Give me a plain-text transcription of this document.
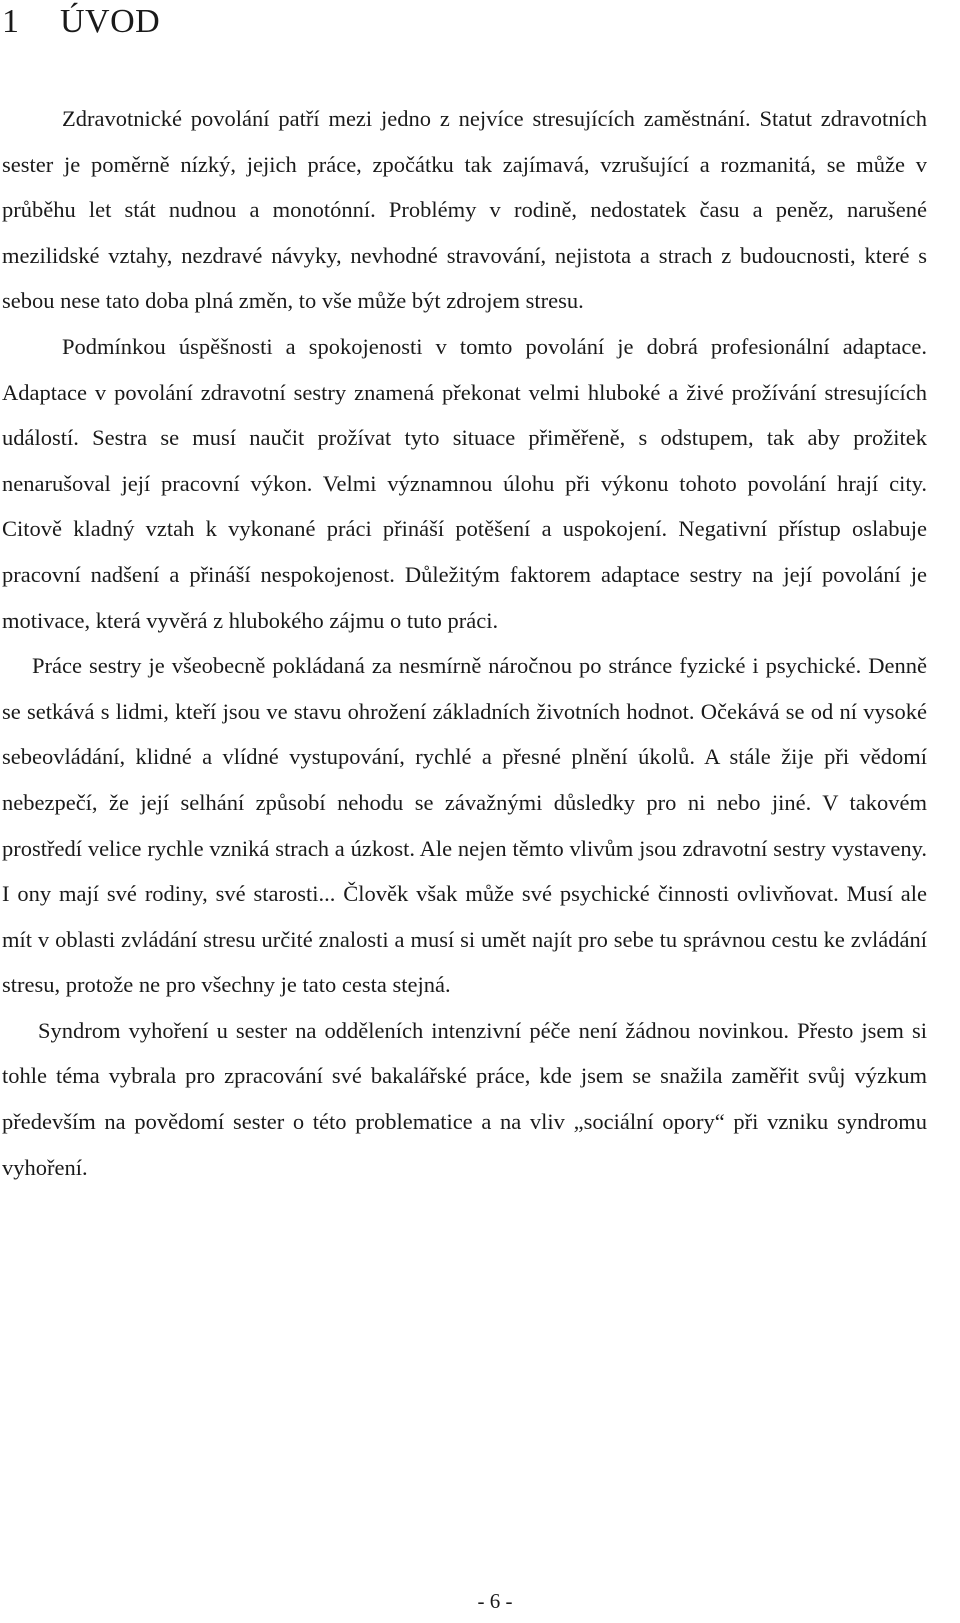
1 ÚVOD

Zdravotnické povolání patří mezi jedno z nejvíce stresujících zaměstnání. Statut zdravotních sester je poměrně nízký, jejich práce, zpočátku tak zajímavá, vzrušující a rozmanitá, se může v průběhu let stát nudnou a monotónní. Problémy v rodině, nedostatek času a peněz, narušené mezilidské vztahy, nezdravé návyky, nevhodné stravování, nejistota a strach z budoucnosti, které s sebou nese tato doba plná změn, to vše může být zdrojem stresu.

Podmínkou úspěšnosti a spokojenosti v tomto povolání je dobrá profesionální adaptace. Adaptace v povolání zdravotní sestry znamená překonat velmi hluboké a živé prožívání stresujících událostí. Sestra se musí naučit prožívat tyto situace přiměřeně, s odstupem, tak aby prožitek nenarušoval její pracovní výkon. Velmi významnou úlohu při výkonu tohoto povolání hrají city. Citově kladný vztah k vykonané práci přináší potěšení a uspokojení. Negativní přístup oslabuje pracovní nadšení a přináší nespokojenost. Důležitým faktorem adaptace sestry na její povolání je motivace, která vyvěrá z hlubokého zájmu o tuto práci.

Práce sestry je všeobecně pokládaná za nesmírně náročnou po stránce fyzické i psychické. Denně se setkává s lidmi, kteří jsou ve stavu ohrožení základních životních hodnot. Očekává se od ní vysoké sebeovládání, klidné a vlídné vystupování, rychlé a přesné plnění úkolů. A stále žije při vědomí nebezpečí, že její selhání způsobí nehodu se závažnými důsledky pro ni nebo jiné. V takovém prostředí velice rychle vzniká strach a úzkost. Ale nejen těmto vlivům jsou zdravotní sestry vystaveny. I ony mají své rodiny, své starosti... Člověk však může své psychické činnosti ovlivňovat. Musí ale mít v oblasti zvládání stresu určité znalosti a musí si umět najít pro sebe tu správnou cestu ke zvládání stresu, protože ne pro všechny je tato cesta stejná.

Syndrom vyhoření u sester na odděleních intenzivní péče není žádnou novinkou. Přesto jsem si tohle téma vybrala pro zpracování své bakalářské práce, kde jsem se snažila zaměřit svůj výzkum především na povědomí sester o této problematice a na vliv „sociální opory“ při vzniku syndromu vyhoření.

- 6 -
